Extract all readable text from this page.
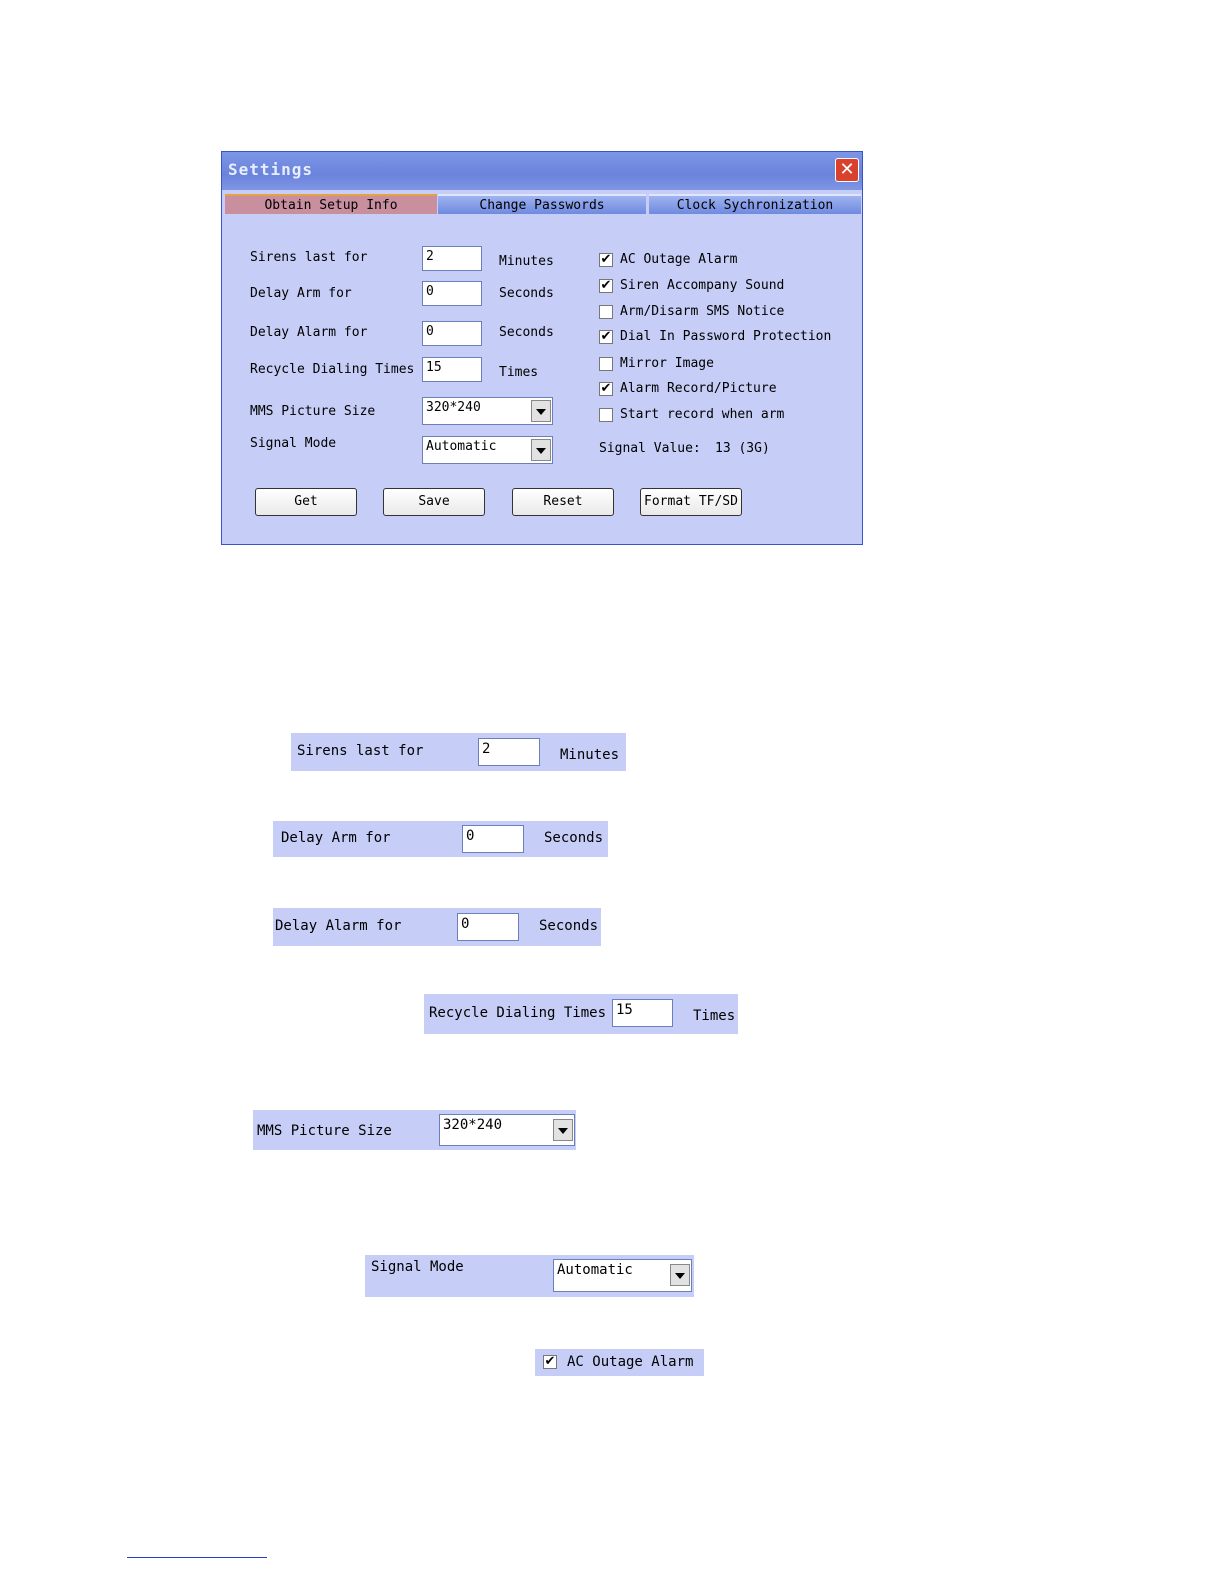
Settings	✕
Obtain Setup Info	Change Passwords	Clock Sychronization
Sirens last for	2	Minutes
Delay Arm for	0	Seconds
Delay Alarm for	0	Seconds
Recycle Dialing Times 15	Times
MMS Picture Size	320*240
Signal Mode	Automatic
✔ AC Outage Alarm
✔ Siren Accompany Sound
Arm/Disarm SMS Notice
✔ Dial In Password Protection
Mirror Image
✔ Alarm Record/Picture
Start record when arm
Signal Value: 13 (3G)
Get	Save	Reset	Format TF/SD
Sirens last for	2	Minutes
Delay Arm for	0	Seconds
Delay Alarm for	0	Seconds
Recycle Dialing Times 15	Times
MMS Picture Size	320*240
Signal Mode	Automatic
✔ AC Outage Alarm
